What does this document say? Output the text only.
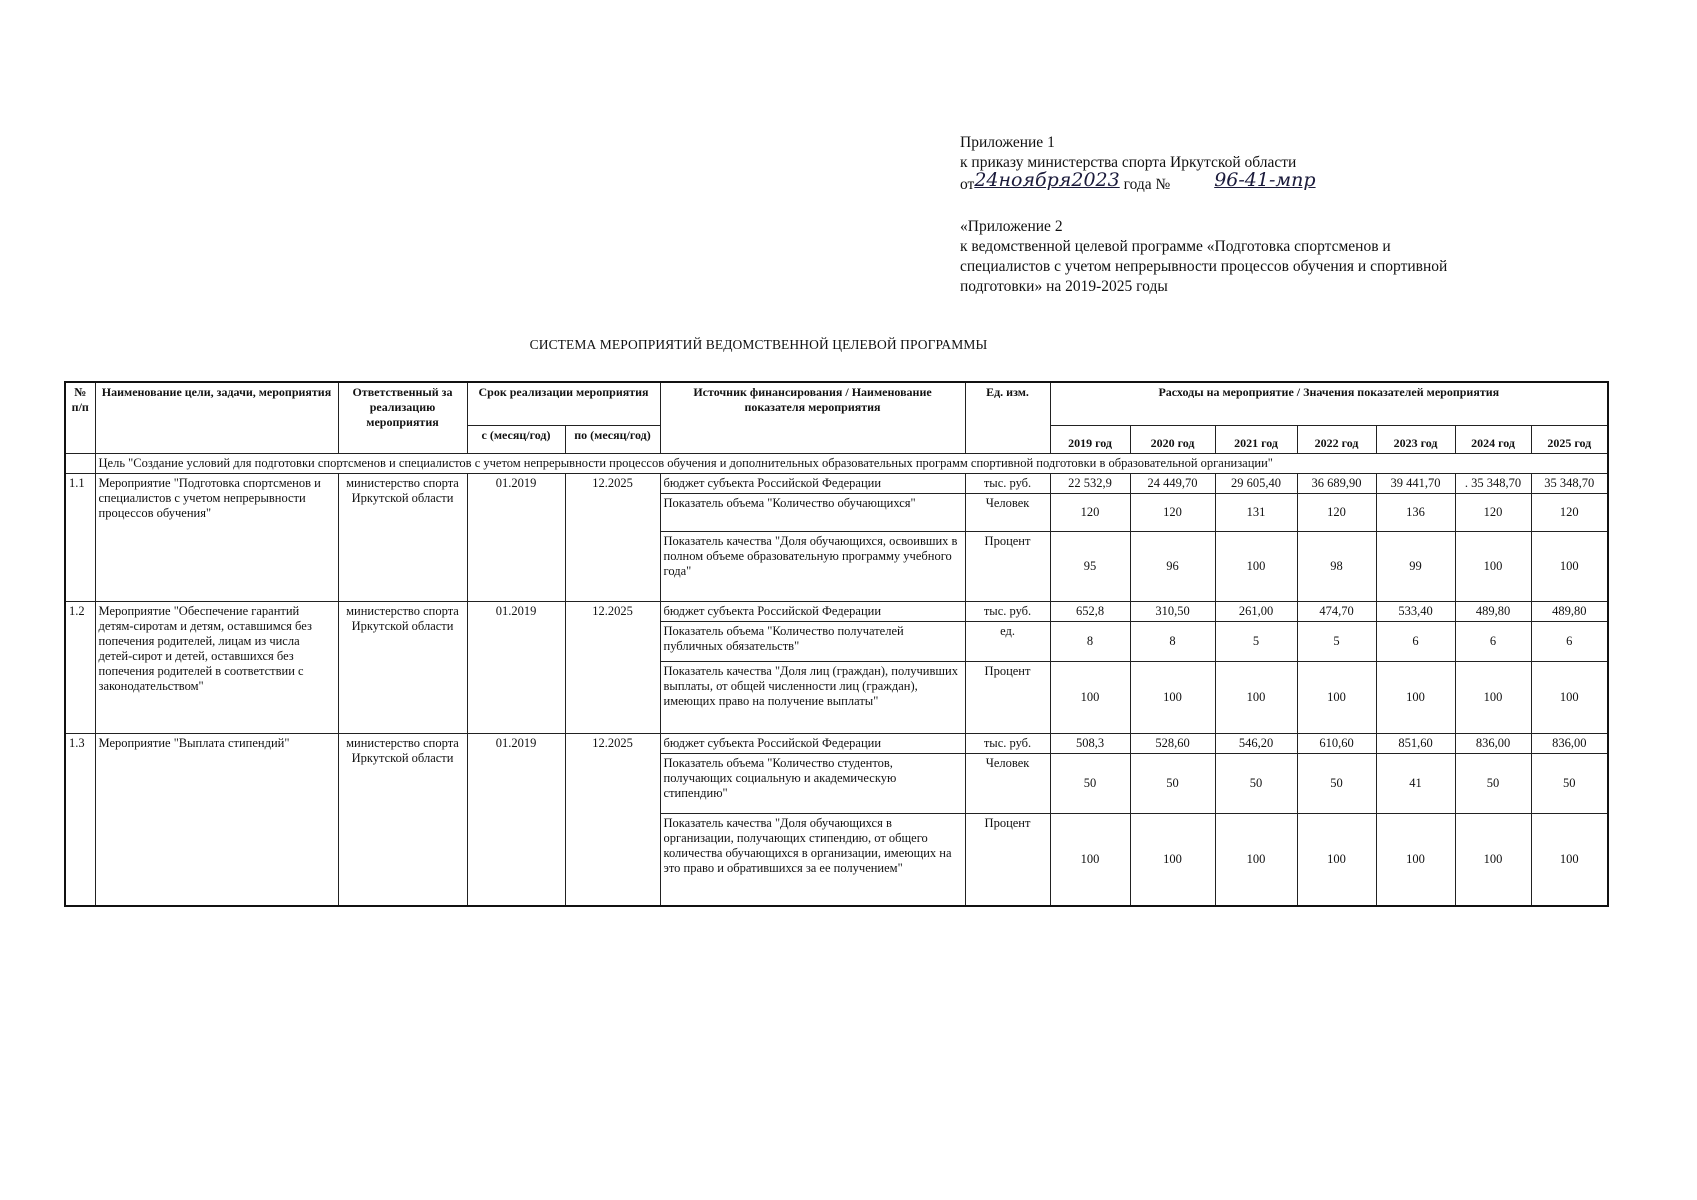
Приложение 1
к приказу министерства спорта Иркутской области
от24ноября2023 года № 96-41-мпр
«Приложение 2
к ведомственной целевой программе «Подготовка спортсменов и
специалистов с учетом непрерывности процессов обучения и спортивной
подготовки» на 2019-2025 годы
СИСТЕМА МЕРОПРИЯТИЙ ВЕДОМСТВЕННОЙ ЦЕЛЕВОЙ ПРОГРАММЫ
№ п/п	Наименование цели, задачи, мероприятия	Ответственный за реализацию мероприятия	Срок реализации мероприятия		Источник финансирования / Наименование показателя мероприятия	Ед. изм.	Расходы на мероприятие / Значения показателей мероприятия						
			с (месяц/год)	по (месяц/год)			2019 год	2020 год	2021 год	2022 год	2023 год	2024 год	2025 год
	Цель "Создание условий для подготовки спортсменов и специалистов с учетом непрерывности процессов обучения и дополнительных образовательных программ спортивной подготовки в образовательной организации"												
1.1	Мероприятие "Подготовка спортсменов и специалистов с учетом непрерывности процессов обучения"	министерство спорта Иркутской области	01.2019	12.2025	бюджет субъекта Российской Федерации	тыс. руб.	22 532,9	24 449,70	29 605,40	36 689,90	39 441,70	. 35 348,70	35 348,70
					Показатель объема "Количество обучающихся"	Человек	120	120	131	120	136	120	120
					Показатель качества "Доля обучающихся, освоивших в полном объеме образовательную программу учебного года"	Процент	95	96	100	98	99	100	100
1.2	Мероприятие "Обеспечение гарантий детям-сиротам и детям, оставшимся без попечения родителей, лицам из числа детей-сирот и детей, оставшихся без попечения родителей в соответствии с законодательством"	министерство спорта Иркутской области	01.2019	12.2025	бюджет субъекта Российской Федерации	тыс. руб.	652,8	310,50	261,00	474,70	533,40	489,80	489,80
					Показатель объема "Количество получателей публичных обязательств"	ед.	8	8	5	5	6	6	6
					Показатель качества "Доля лиц (граждан), получивших выплаты, от общей численности лиц (граждан), имеющих право на получение выплаты"	Процент	100	100	100	100	100	100	100
1.3	Мероприятие "Выплата стипендий"	министерство спорта Иркутской области	01.2019	12.2025	бюджет субъекта Российской Федерации	тыс. руб.	508,3	528,60	546,20	610,60	851,60	836,00	836,00
					Показатель объема "Количество студентов, получающих социальную и академическую стипендию"	Человек	50	50	50	50	41	50	50
					Показатель качества "Доля обучающихся в организации, получающих стипендию, от общего количества обучающихся в организации, имеющих на это право и обратившихся за ее получением"	Процент	100	100	100	100	100	100	100
